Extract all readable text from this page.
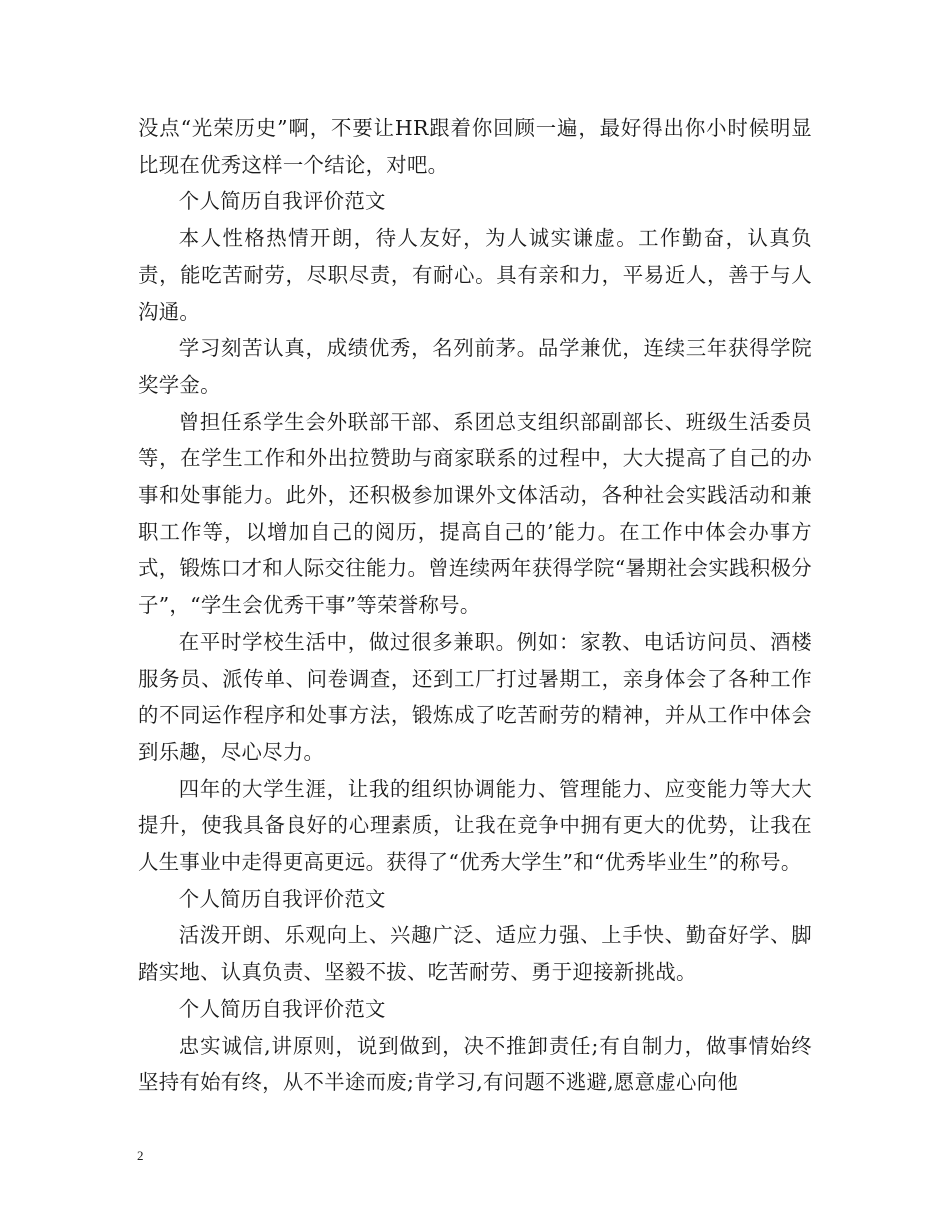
没点“光荣历史”啊，不要让HR跟着你回顾一遍，最好得出你小时候明显比现在优秀这样一个结论，对吧。

个人简历自我评价范文

本人性格热情开朗，待人友好，为人诚实谦虚。工作勤奋，认真负责，能吃苦耐劳，尽职尽责，有耐心。具有亲和力，平易近人，善于与人沟通。

学习刻苦认真，成绩优秀，名列前茅。品学兼优，连续三年获得学院奖学金。

曾担任系学生会外联部干部、系团总支组织部副部长、班级生活委员等，在学生工作和外出拉赞助与商家联系的过程中，大大提高了自己的办事和处事能力。此外，还积极参加课外文体活动，各种社会实践活动和兼职工作等，以增加自己的阅历，提高自己的’能力。在工作中体会办事方式，锻炼口才和人际交往能力。曾连续两年获得学院“暑期社会实践积极分子”，“学生会优秀干事”等荣誉称号。

在平时学校生活中，做过很多兼职。例如：家教、电话访问员、酒楼服务员、派传单、问卷调查，还到工厂打过暑期工，亲身体会了各种工作的不同运作程序和处事方法，锻炼成了吃苦耐劳的精神，并从工作中体会到乐趣，尽心尽力。

四年的大学生涯，让我的组织协调能力、管理能力、应变能力等大大提升，使我具备良好的心理素质，让我在竞争中拥有更大的优势，让我在人生事业中走得更高更远。获得了“优秀大学生”和“优秀毕业生”的称号。

个人简历自我评价范文

活泼开朗、乐观向上、兴趣广泛、适应力强、上手快、勤奋好学、脚踏实地、认真负责、坚毅不拔、吃苦耐劳、勇于迎接新挑战。

个人简历自我评价范文

忠实诚信,讲原则，说到做到，决不推卸责任;有自制力，做事情始终坚持有始有终，从不半途而废;肯学习,有问题不逃避,愿意虚心向他

2
